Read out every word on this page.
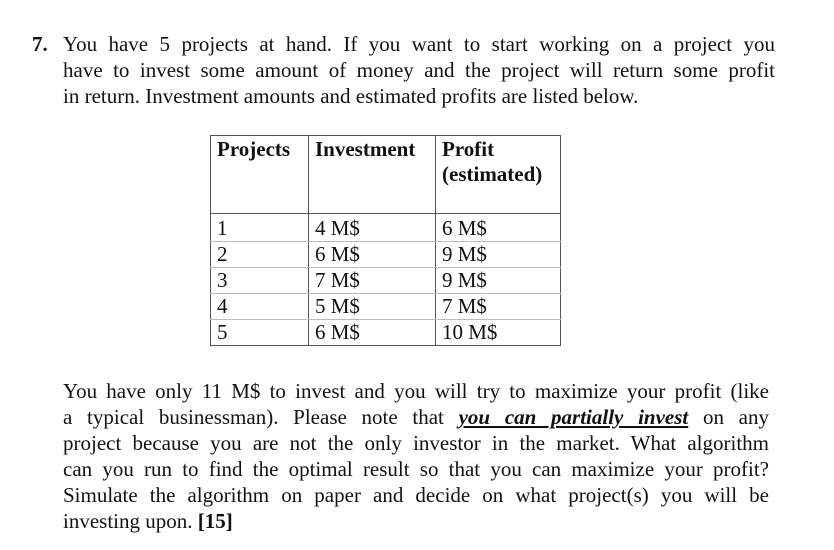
7. You have 5 projects at hand. If you want to start working on a project you
have to invest some amount of money and the project will return some profit
in return. Investment amounts and estimated profits are listed below.
Projects	Investment	Profit
(estimated)
1	4 M$	6 M$
2	6 M$	9 M$
3	7 M$	9 M$
4	5 M$	7 M$
5	6 M$	10 M$
You have only 11 M$ to invest and you will try to maximize your profit (like
a typical businessman). Please note that you can partially invest on any
project because you are not the only investor in the market. What algorithm
can you run to find the optimal result so that you can maximize your profit?
Simulate the algorithm on paper and decide on what project(s) you will be
investing upon. [15]
